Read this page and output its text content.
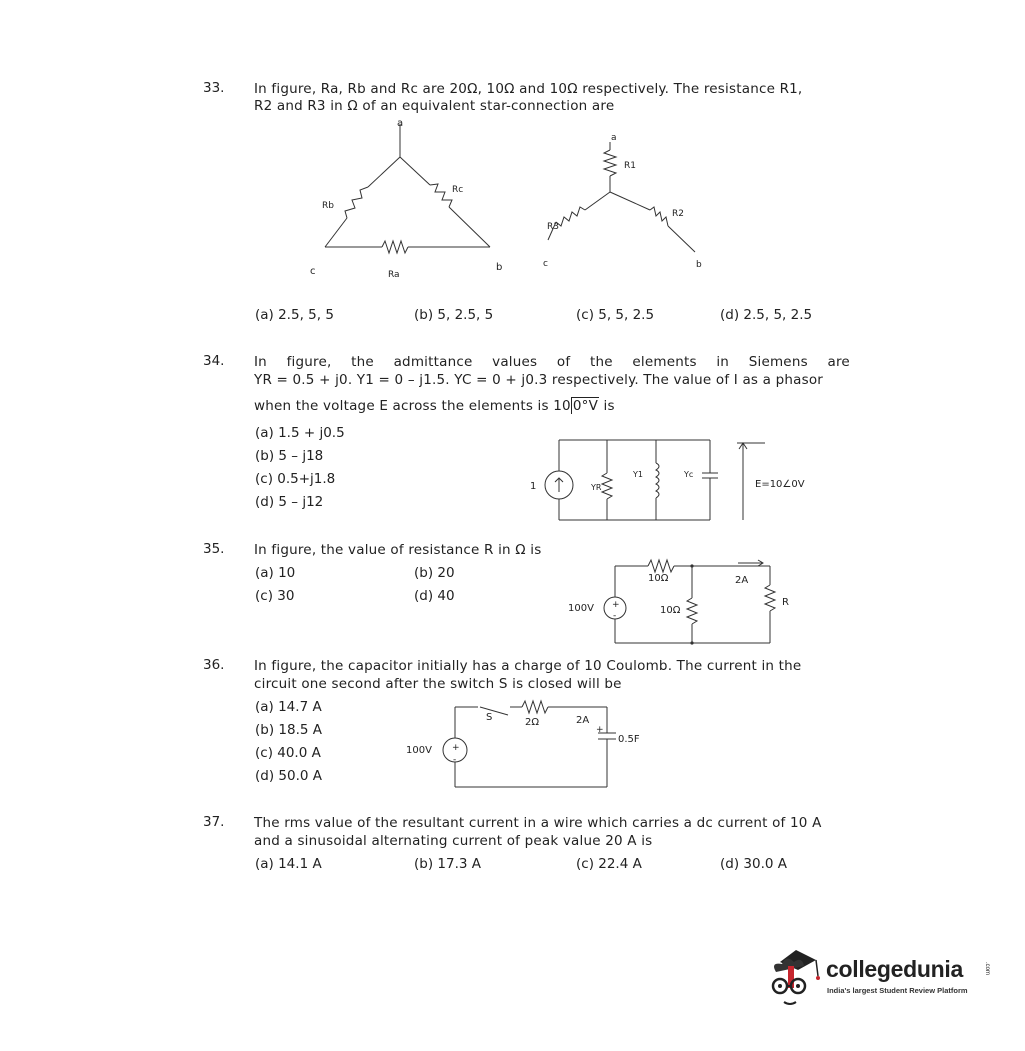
33. In figure, Ra, Rb and Rc are 20Ω, 10Ω and 10Ω respectively. The resistance R1,
R2 and R3 in Ω of an equivalent star-connection are
a
c	b
Rb
Rc
Ra
a
R1
R2
R3
c	b
(a) 2.5, 5, 5	(b) 5, 2.5, 5	(c) 5, 5, 2.5	(d) 2.5, 5, 2.5
34. In figure, the admittance values of the elements in Siemens are
YR = 0.5 + j0. Y1 = 0 – j1.5. YC = 0 + j0.3 respectively. The value of I as a phasor
when the voltage E across the elements is 10 0°V is
(a) 1.5 + j0.5
(b) 5 – j18
(c) 0.5+j1.8
(d) 5 – j12
1	YR
Y1	Yc
E=10∠0V
35. In figure, the value of resistance R in Ω is
(a) 10	(b) 20
(c) 30	(d) 40
+
-
100V
10Ω
10Ω
2A
R
36. In figure, the capacitor initially has a charge of 10 Coulomb. The current in the
circuit one second after the switch S is closed will be
(a) 14.7 A
(b) 18.5 A
(c) 40.0 A
(d) 50.0 A
+
-
+
S	2Ω	2A
0.5F
100V
37. The rms value of the resultant current in a wire which carries a dc current of 10 A
and a sinusoidal alternating current of peak value 20 A is
(a) 14.1 A	(b) 17.3 A	(c) 22.4 A	(d) 30.0 A
collegedunia	.com
India's largest Student Review Platform
